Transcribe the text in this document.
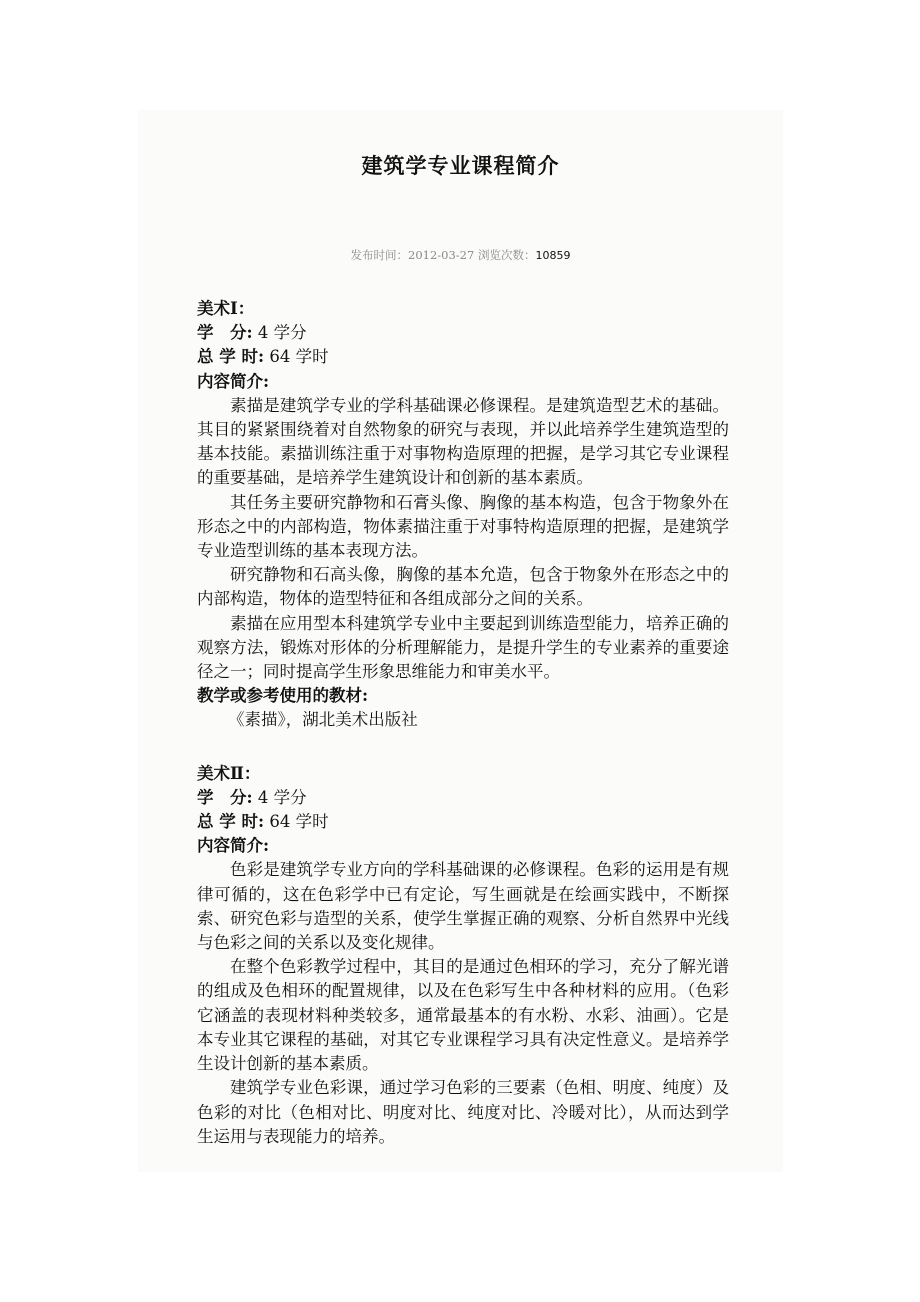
建筑学专业课程简介
发布时间：2012-03-27 浏览次数：10859
美术Ⅰ：
学　分: 4 学分
总 学 时: 64 学时
内容简介:

素描是建筑学专业的学科基础课必修课程。是建筑造型艺术的基础。其目的紧紧围绕着对自然物象的研究与表现，并以此培养学生建筑造型的基本技能。素描训练注重于对事物构造原理的把握，是学习其它专业课程的重要基础，是培养学生建筑设计和创新的基本素质。

其任务主要研究静物和石膏头像、胸像的基本构造，包含于物象外在形态之中的内部构造，物体素描注重于对事特构造原理的把握，是建筑学专业造型训练的基本表现方法。

研究静物和石高头像，胸像的基本允造，包含于物象外在形态之中的内部构造，物体的造型特征和各组成部分之间的关系。

素描在应用型本科建筑学专业中主要起到训练造型能力，培养正确的观察方法，锻炼对形体的分析理解能力，是提升学生的专业素养的重要途径之一；同时提高学生形象思维能力和审美水平。

教学或参考使用的教材:

《素描》，湖北美术出版社

美术Ⅱ：
学　分: 4 学分
总 学 时: 64 学时
内容简介:

色彩是建筑学专业方向的学科基础课的必修课程。色彩的运用是有规律可循的，这在色彩学中已有定论，写生画就是在绘画实践中，不断探索、研究色彩与造型的关系，使学生掌握正确的观察、分析自然界中光线与色彩之间的关系以及变化规律。

在整个色彩教学过程中，其目的是通过色相环的学习，充分了解光谱的组成及色相环的配置规律，以及在色彩写生中各种材料的应用。（色彩它涵盖的表现材料种类较多，通常最基本的有水粉、水彩、油画）。它是本专业其它课程的基础，对其它专业课程学习具有决定性意义。是培养学生设计创新的基本素质。

建筑学专业色彩课，通过学习色彩的三要素（色相、明度、纯度）及色彩的对比（色相对比、明度对比、纯度对比、冷暖对比），从而达到学生运用与表现能力的培养。
